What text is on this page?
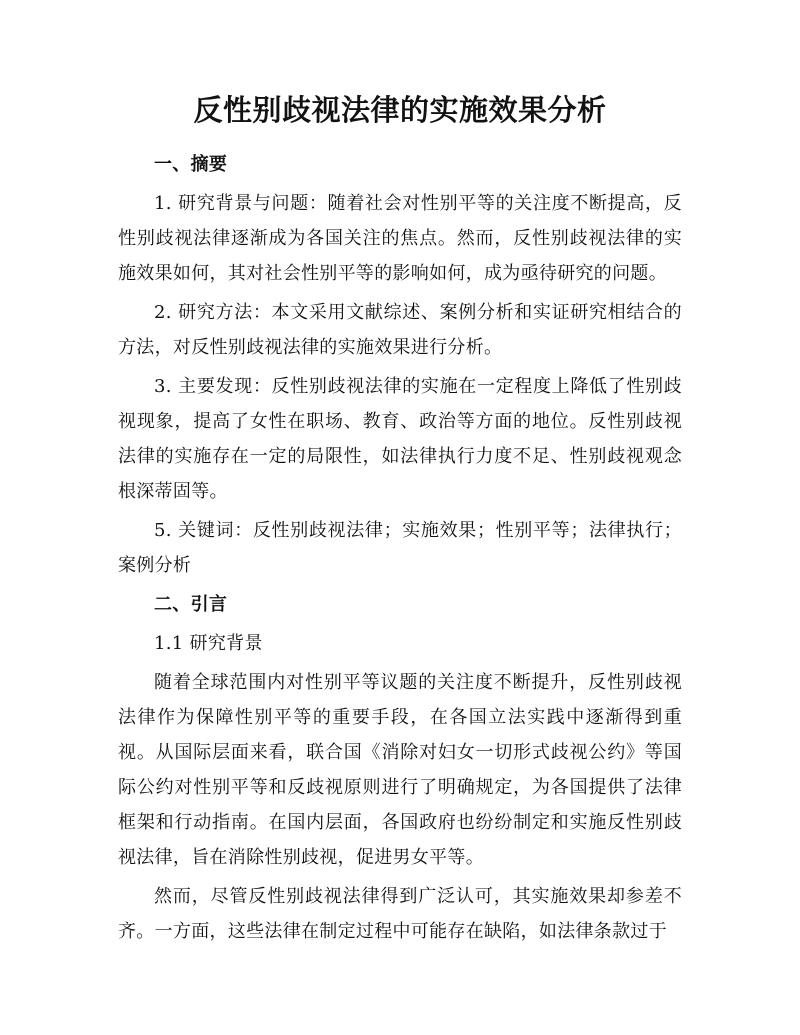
反性别歧视法律的实施效果分析

一、摘要

1. 研究背景与问题：随着社会对性别平等的关注度不断提高，反性别歧视法律逐渐成为各国关注的焦点。然而，反性别歧视法律的实施效果如何，其对社会性别平等的影响如何，成为亟待研究的问题。

2. 研究方法：本文采用文献综述、案例分析和实证研究相结合的方法，对反性别歧视法律的实施效果进行分析。

3. 主要发现：反性别歧视法律的实施在一定程度上降低了性别歧视现象，提高了女性在职场、教育、政治等方面的地位。反性别歧视法律的实施存在一定的局限性，如法律执行力度不足、性别歧视观念根深蒂固等。

5. 关键词：反性别歧视法律；实施效果；性别平等；法律执行；案例分析

二、引言

1.1 研究背景

随着全球范围内对性别平等议题的关注度不断提升，反性别歧视法律作为保障性别平等的重要手段，在各国立法实践中逐渐得到重视。从国际层面来看，联合国《消除对妇女一切形式歧视公约》等国际公约对性别平等和反歧视原则进行了明确规定，为各国提供了法律框架和行动指南。在国内层面，各国政府也纷纷制定和实施反性别歧视法律，旨在消除性别歧视，促进男女平等。

然而，尽管反性别歧视法律得到广泛认可，其实施效果却参差不齐。一方面，这些法律在制定过程中可能存在缺陷，如法律条款过于
